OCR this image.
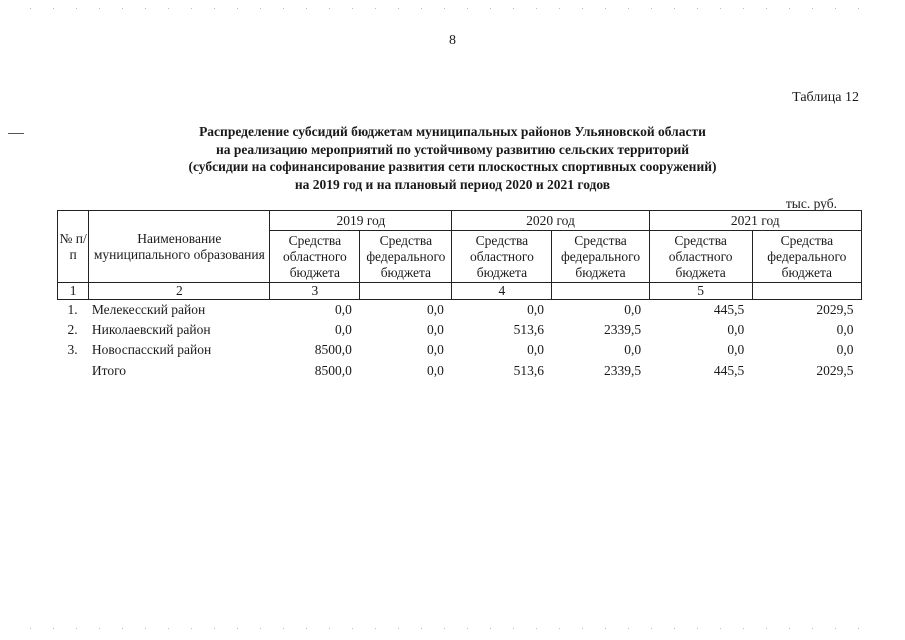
8
Таблица 12
Распределение субсидий бюджетам муниципальных районов Ульяновской области
на реализацию мероприятий по устойчивому развитию сельских территорий
(субсидии на софинансирование развития сети плоскостных спортивных сооружений)
на 2019 год и на плановый период 2020 и 2021 годов
тыс. руб.
№ п/п	Наименование муниципального образования	2019 год		2020 год		2021 год	
		Средства областного бюджета	Средства федерального бюджета	Средства областного бюджета	Средства федерального бюджета	Средства областного бюджета	Средства федерального бюджета
1	2	3		4		5	
1.	Мелекесский район	0,0	0,0	0,0	0,0	445,5	2029,5
2.	Николаевский район	0,0	0,0	513,6	2339,5	0,0	0,0
3.	Новоспасский район	8500,0	0,0	0,0	0,0	0,0	0,0
	Итого	8500,0	0,0	513,6	2339,5	445,5	2029,5
